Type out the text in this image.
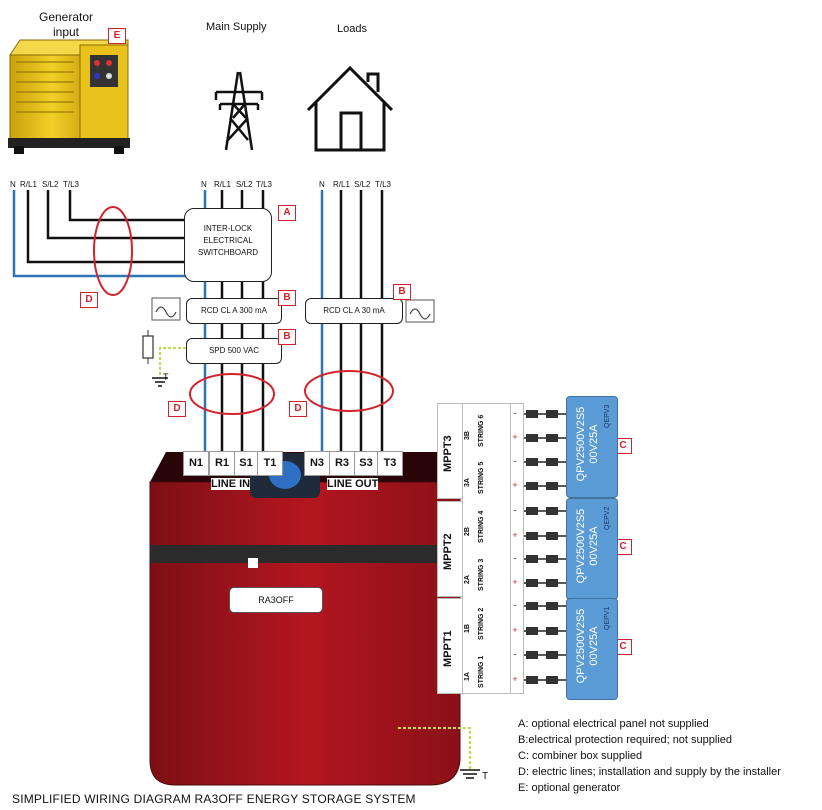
Generator
input	Main Supply	Loads
N R/L1 S/L2 T/L3	N R/L1 S/L2 T/L3	N R/L1 S/L2 T/L3
INTER-LOCK
ELECTRICAL
SWITCHBOARD
RCD CL A 300 mA
SPD 500 VAC
RCD CL A 30 mA
E
A
B
B
B
D
D	D
C
C
C
N1	R1 S1 T1	N3 R3 S3 T3
LINE IN	LINE OUT
RA3OFF
MPPT3
MPPT2
MPPT1
3B STRING 6
3A STRING 5
2B STRING 4
2A STRING 3
1B STRING 2
1A STRING 1
-
+
-
+
-
+
-
+
-
+
-
+
QPV2500V2S5
00V25A
QPV2500V2S5
00V25A
QPV2500V2S5
00V25A
QEPV3
QEPV2
QEPV1
T
T
A: optional electrical panel not supplied
B:electrical protection required; not supplied
C: combiner box supplied
D: electric lines; installation and supply by the installer
E: optional generator
SIMPLIFIED WIRING DIAGRAM RA3OFF ENERGY STORAGE SYSTEM
